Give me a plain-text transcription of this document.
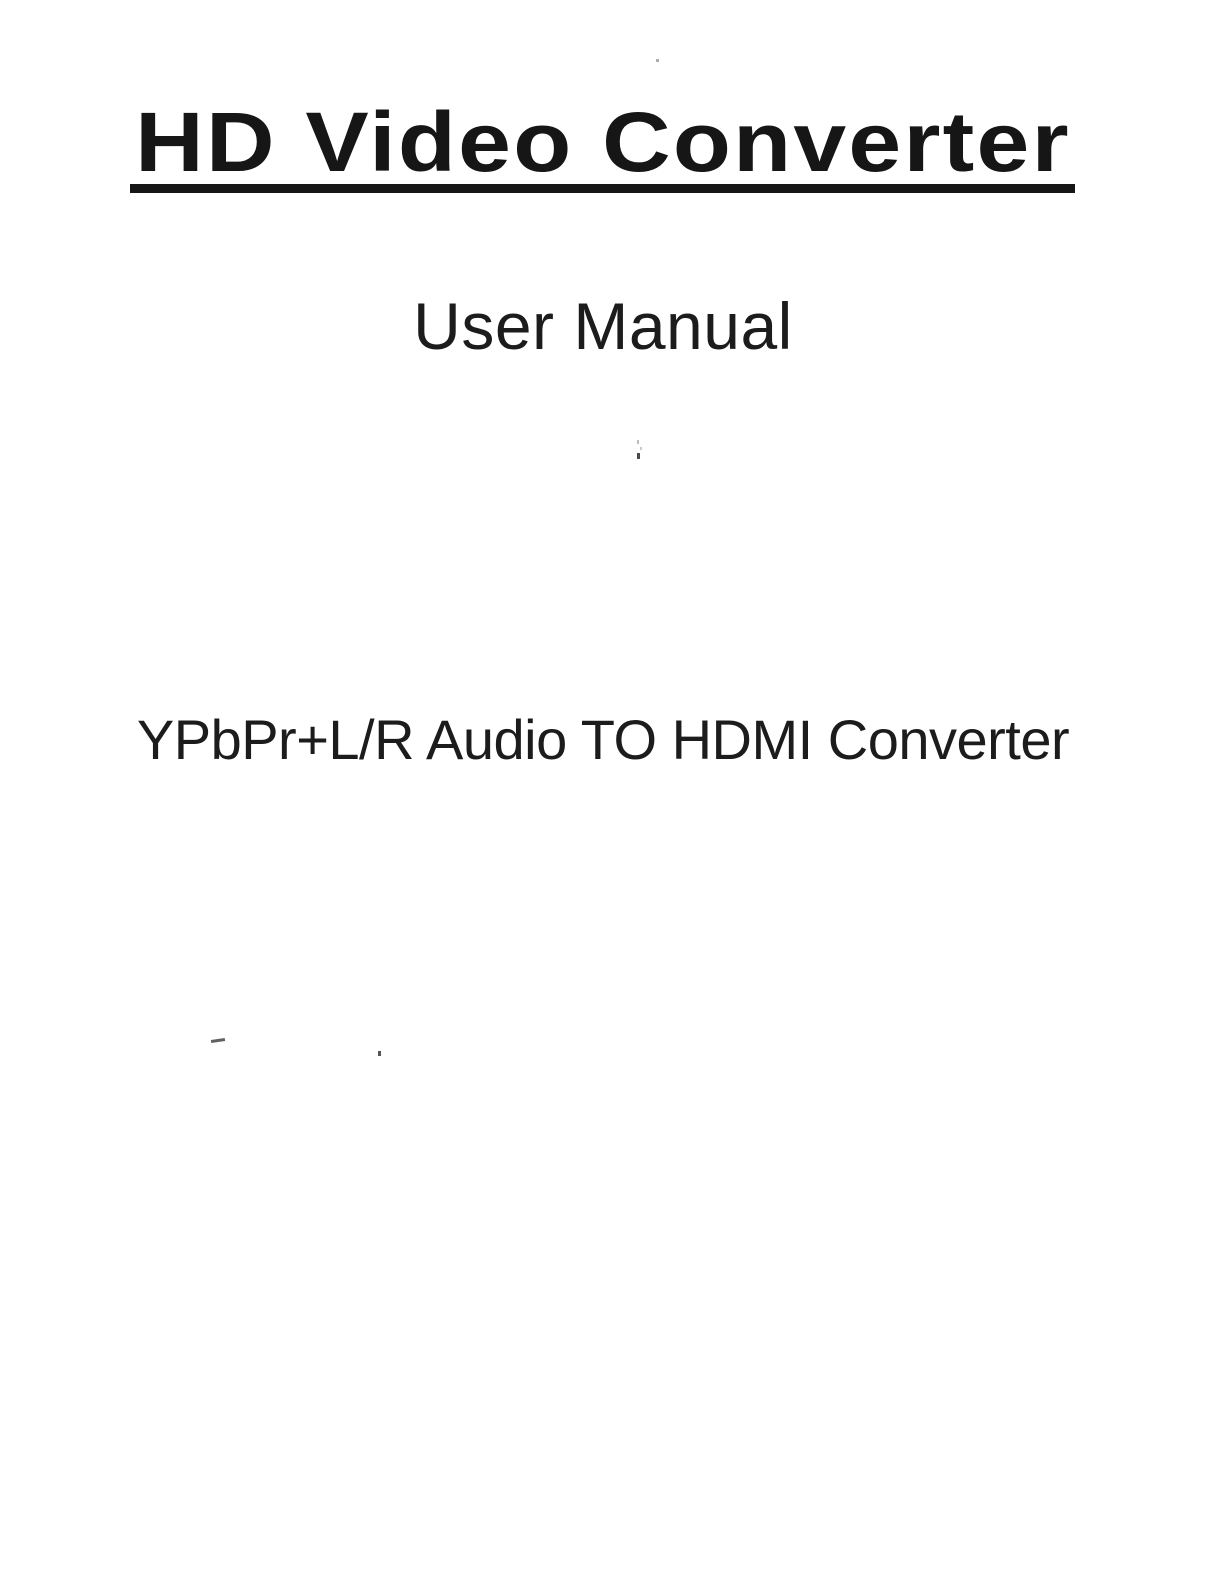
HD Video Converter
User Manual
YPbPr+L/R Audio TO HDMI Converter
